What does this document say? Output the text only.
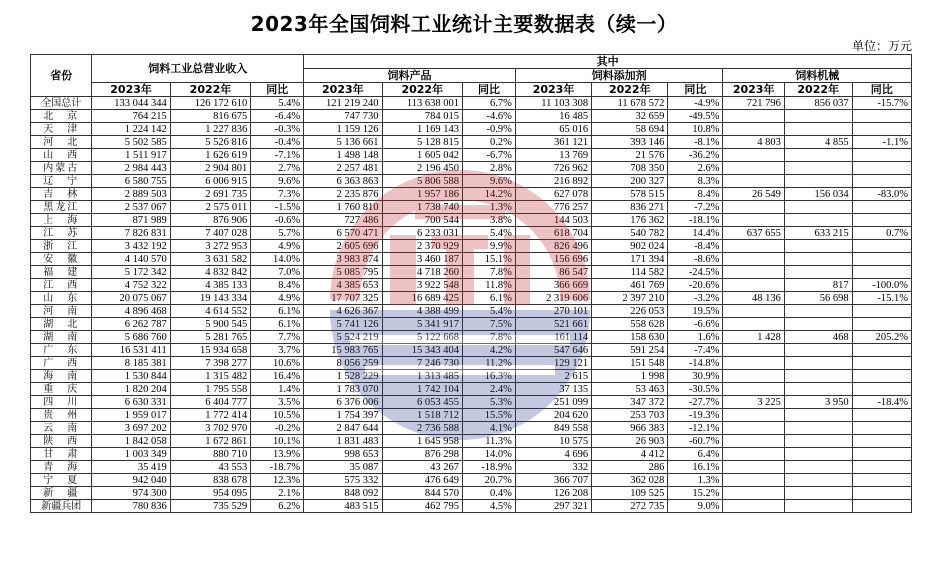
2023年全国饲料工业统计主要数据表（续一）
单位：万元
省份	饲料工业总营业收入			其中								
				饲料产品			饲料添加剂			饲料机械		
	2023年	2022年	同比	2023年	2022年	同比	2023年	2022年	同比	2023年	2022年	同比
全国总计	133 044 344	126 172 610	5.4%	121 219 240	113 638 001	6.7%	11 103 308	11 678 572	-4.9%	721 796	856 037	-15.7%
北　京	764 215	816 675	-6.4%	747 730	784 015	-4.6%	16 485	32 659	-49.5%			
天　津	1 224 142	1 227 836	-0.3%	1 159 126	1 169 143	-0.9%	65 016	58 694	10.8%			
河　北	5 502 585	5 526 816	-0.4%	5 136 661	5 128 815	0.2%	361 121	393 146	-8.1%	4 803	4 855	-1.1%
山　西	1 511 917	1 626 619	-7.1%	1 498 148	1 605 042	-6.7%	13 769	21 576	-36.2%			
内蒙古	2 984 443	2 904 801	2.7%	2 257 481	2 196 450	2.8%	726 962	708 350	2.6%			
辽　宁	6 580 755	6 006 915	9.6%	6 363 863	5 806 588	9.6%	216 892	200 327	8.3%			
吉　林	2 889 503	2 691 735	7.3%	2 235 876	1 957 186	14.2%	627 078	578 515	8.4%	26 549	156 034	-83.0%
黑龙江	2 537 067	2 575 011	-1.5%	1 760 810	1 738 740	1.3%	776 257	836 271	-7.2%			
上　海	871 989	876 906	-0.6%	727 486	700 544	3.8%	144 503	176 362	-18.1%			
江　苏	7 826 831	7 407 028	5.7%	6 570 471	6 233 031	5.4%	618 704	540 782	14.4%	637 655	633 215	0.7%
浙　江	3 432 192	3 272 953	4.9%	2 605 696	2 370 929	9.9%	826 496	902 024	-8.4%			
安　徽	4 140 570	3 631 582	14.0%	3 983 874	3 460 187	15.1%	156 696	171 394	-8.6%			
福　建	5 172 342	4 832 842	7.0%	5 085 795	4 718 260	7.8%	86 547	114 582	-24.5%			
江　西	4 752 322	4 385 133	8.4%	4 385 653	3 922 548	11.8%	366 669	461 769	-20.6%		817	-100.0%
山　东	20 075 067	19 143 334	4.9%	17 707 325	16 689 425	6.1%	2 319 606	2 397 210	-3.2%	48 136	56 698	-15.1%
河　南	4 896 468	4 614 552	6.1%	4 626 367	4 388 499	5.4%	270 101	226 053	19.5%			
湖　北	6 262 787	5 900 545	6.1%	5 741 126	5 341 917	7.5%	521 661	558 628	-6.6%			
湖　南	5 686 760	5 281 765	7.7%	5 524 219	5 122 668	7.8%	161 114	158 630	1.6%	1 428	468	205.2%
广　东	16 531 411	15 934 658	3.7%	15 983 765	15 343 404	4.2%	547 646	591 254	-7.4%			
广　西	8 185 381	7 398 277	10.6%	8 056 259	7 246 730	11.2%	129 121	151 548	-14.8%			
海　南	1 530 844	1 315 482	16.4%	1 528 229	1 313 485	16.3%	2 615	1 998	30.9%			
重　庆	1 820 204	1 795 558	1.4%	1 783 070	1 742 104	2.4%	37 135	53 463	-30.5%			
四　川	6 630 331	6 404 777	3.5%	6 376 006	6 053 455	5.3%	251 099	347 372	-27.7%	3 225	3 950	-18.4%
贵　州	1 959 017	1 772 414	10.5%	1 754 397	1 518 712	15.5%	204 620	253 703	-19.3%			
云　南	3 697 202	3 702 970	-0.2%	2 847 644	2 736 588	4.1%	849 558	966 383	-12.1%			
陕　西	1 842 058	1 672 861	10.1%	1 831 483	1 645 958	11.3%	10 575	26 903	-60.7%			
甘　肃	1 003 349	880 710	13.9%	998 653	876 298	14.0%	4 696	4 412	6.4%			
青　海	35 419	43 553	-18.7%	35 087	43 267	-18.9%	332	286	16.1%			
宁　夏	942 040	838 678	12.3%	575 332	476 649	20.7%	366 707	362 028	1.3%			
新　疆	974 300	954 095	2.1%	848 092	844 570	0.4%	126 208	109 525	15.2%			
新疆兵团	780 836	735 529	6.2%	483 515	462 795	4.5%	297 321	272 735	9.0%			
